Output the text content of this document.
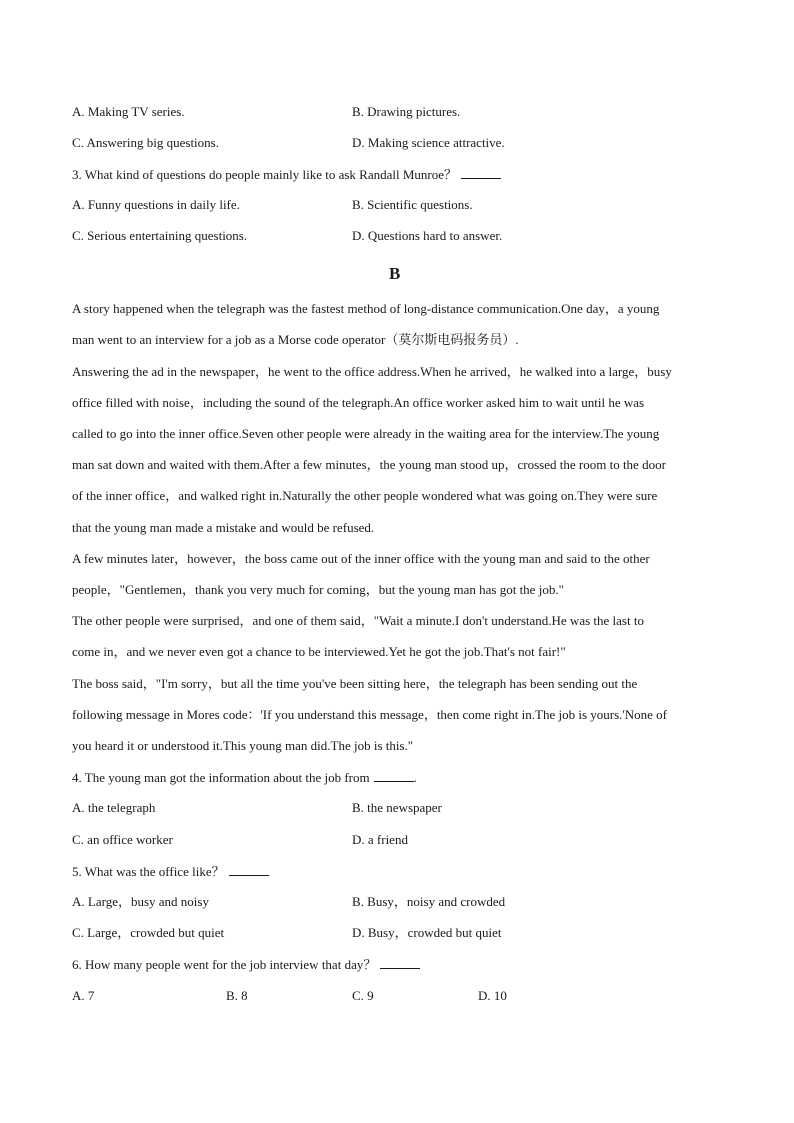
A. Making TV series.	B. Drawing pictures.
C. Answering big questions.	D. Making science attractive.
3. What kind of questions do people mainly like to ask Randall Munroe？
A. Funny questions in daily life.	B. Scientific questions.
C. Serious entertaining questions.	D. Questions hard to answer.
B
A story happened when the telegraph was the fastest method of long-distance communication.One day，a young
man went to an interview for a job as a Morse code operator（莫尔斯电码报务员）.
Answering the ad in the newspaper，he went to the office address.When he arrived，he walked into a large，busy
office filled with noise，including the sound of the telegraph.An office worker asked him to wait until he was
called to go into the inner office.Seven other people were already in the waiting area for the interview.The young
man sat down and waited with them.After a few minutes，the young man stood up，crossed the room to the door
of the inner office，and walked right in.Naturally the other people wondered what was going on.They were sure
that the young man made a mistake and would be refused.
A few minutes later，however，the boss came out of the inner office with the young man and said to the other
people，"Gentlemen，thank you very much for coming，but the young man has got the job."
The other people were surprised，and one of them said，"Wait a minute.I don't understand.He was the last to
come in，and we never even got a chance to be interviewed.Yet he got the job.That's not fair!"
The boss said，"I'm sorry，but all the time you've been sitting here，the telegraph has been sending out the
following message in Mores code：'If you understand this message，then come right in.The job is yours.'None of
you heard it or understood it.This young man did.The job is this."
4. The young man got the information about the job from	.
A. the telegraph	B. the newspaper
C. an office worker	D. a friend
5. What was the office like？
A. Large，busy and noisy	B. Busy，noisy and crowded
C. Large，crowded but quiet	D. Busy，crowded but quiet
6. How many people went for the job interview that day？
A. 7	B. 8	C. 9	D. 10
